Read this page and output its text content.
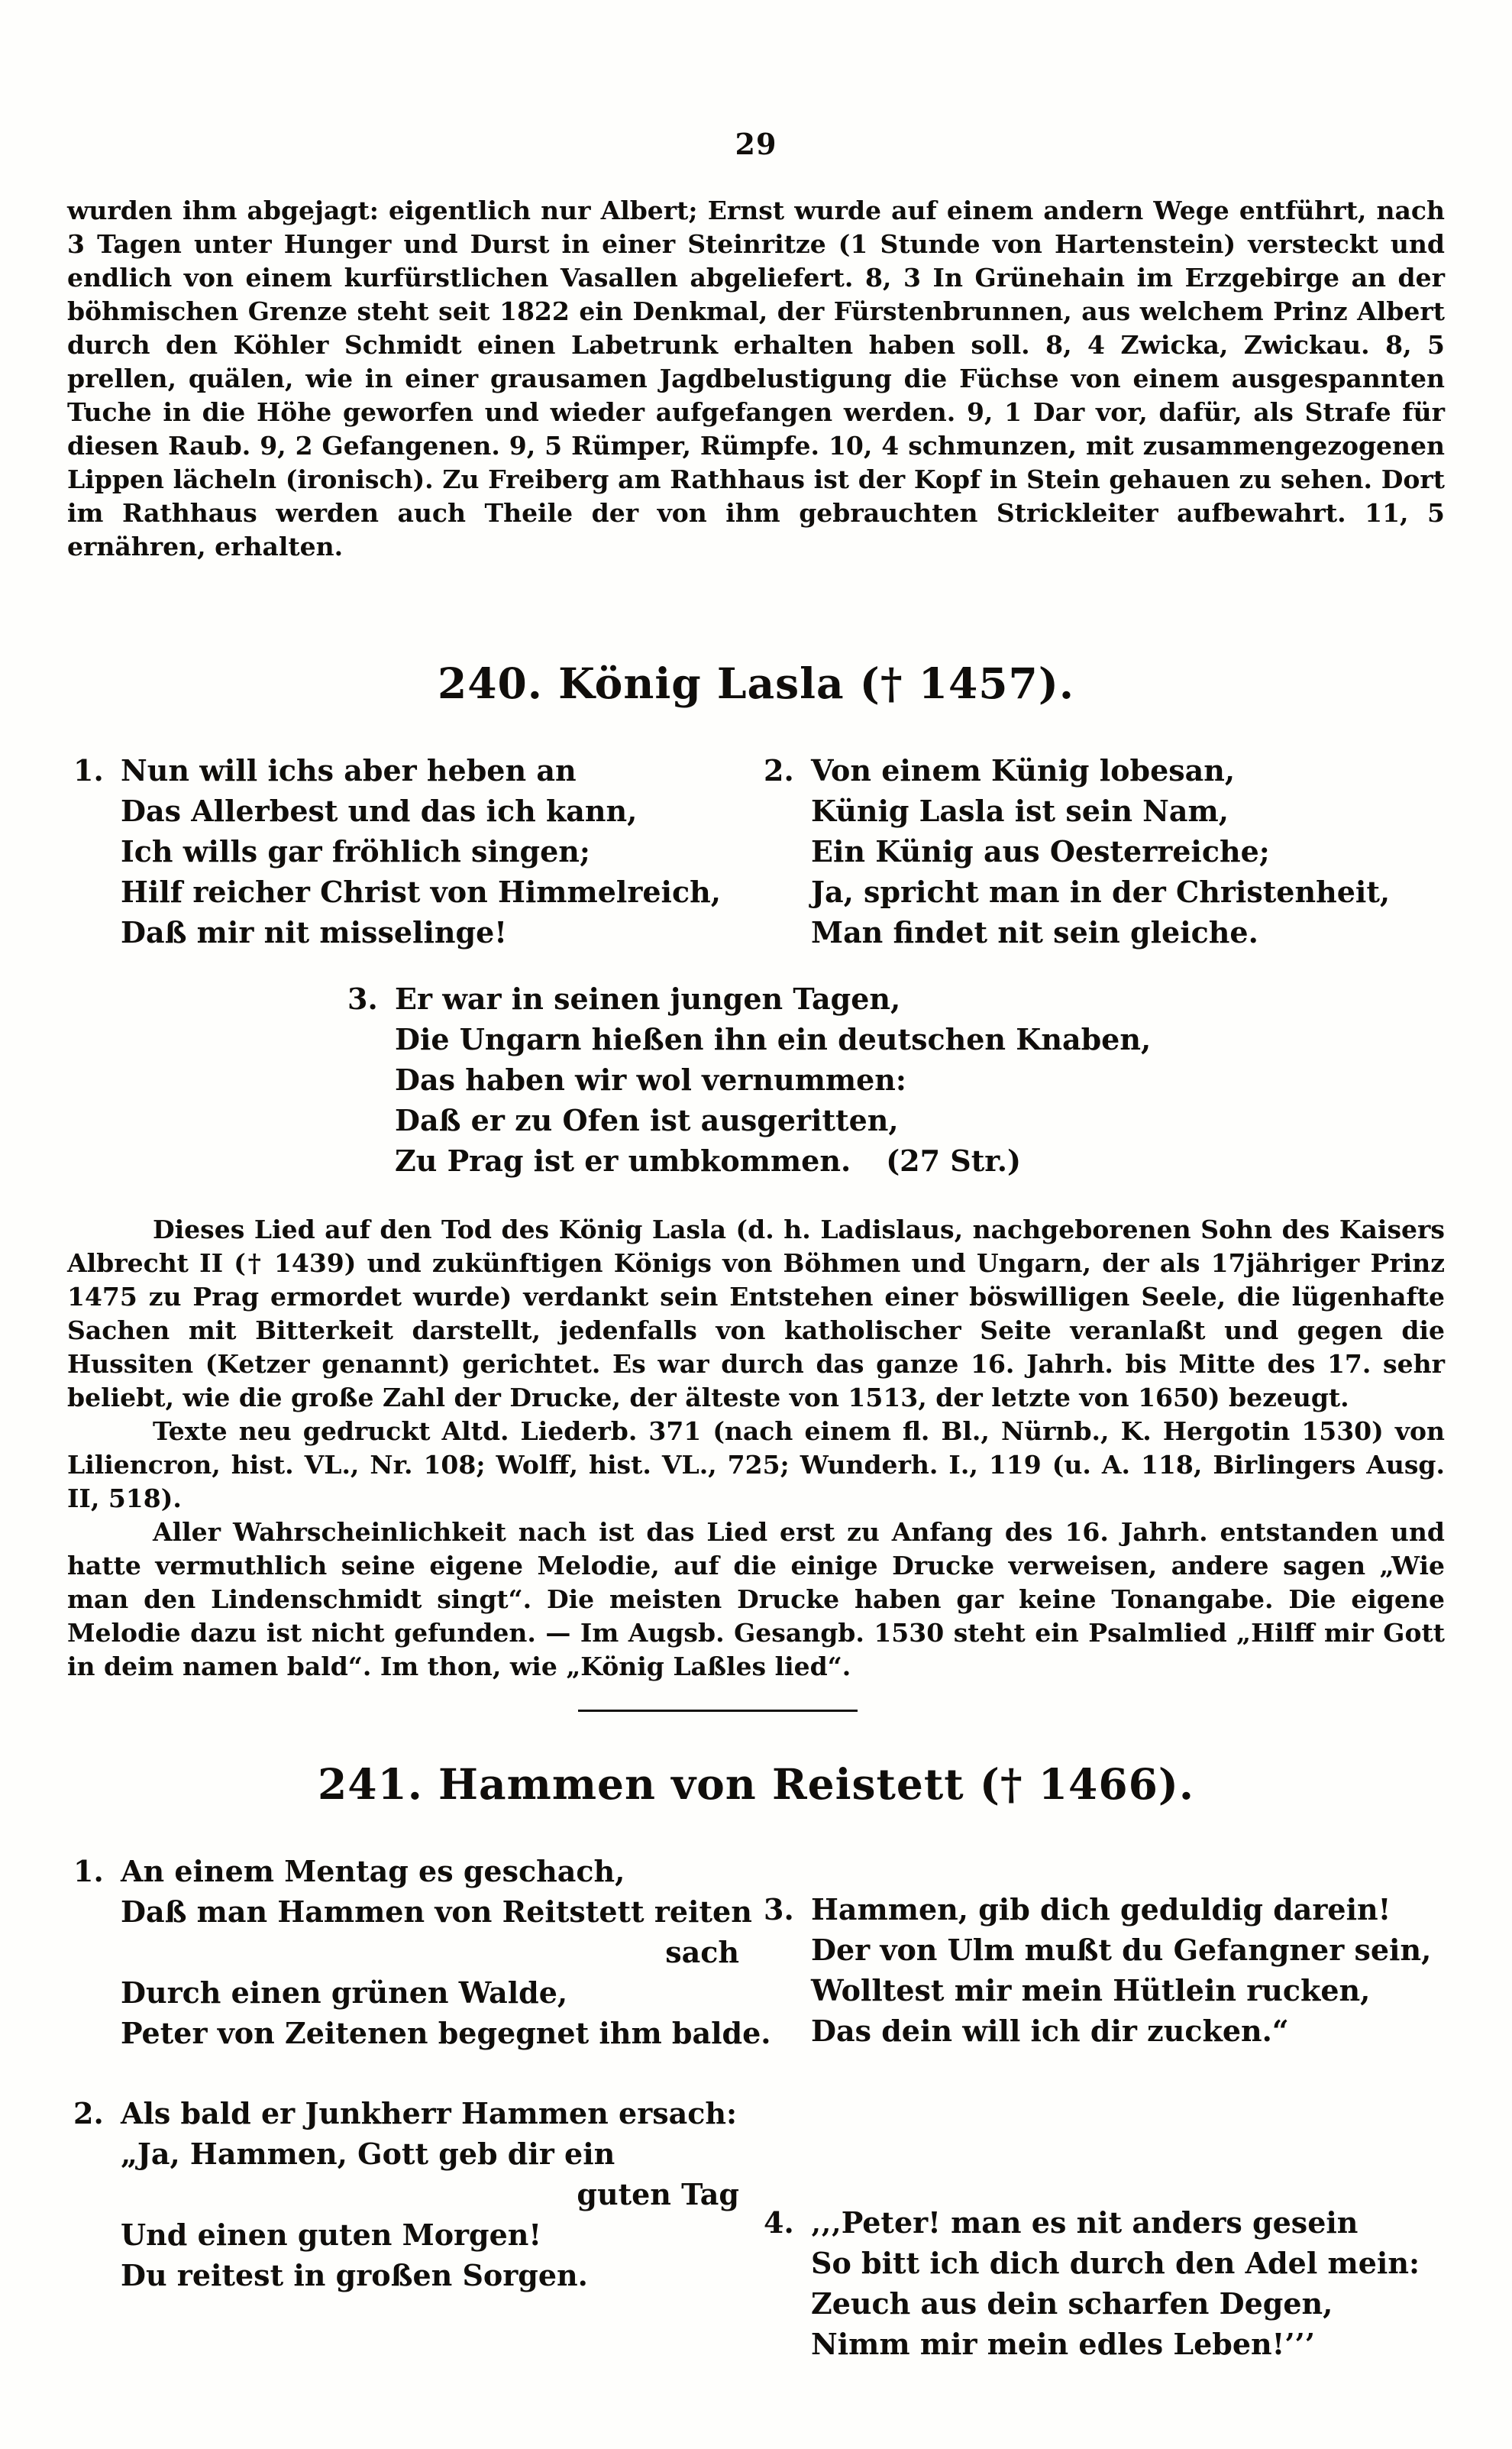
29

wurden ihm abgejagt: eigentlich nur Albert; Ernst wurde auf einem andern Wege entführt, nach 3 Tagen unter Hunger und Durst in einer Steinritze (1 Stunde von Hartenstein) versteckt und endlich von einem kurfürstlichen Vasallen abgeliefert. 8, 3 In Grünehain im Erzgebirge an der böhmischen Grenze steht seit 1822 ein Denkmal, der Fürstenbrunnen, aus welchem Prinz Albert durch den Köhler Schmidt einen Labetrunk erhalten haben soll. 8, 4 Zwicka, Zwickau. 8, 5 prellen, quälen, wie in einer grausamen Jagdbelustigung die Füchse von einem ausgespannten Tuche in die Höhe geworfen und wieder aufgefangen werden. 9, 1 Dar vor, dafür, als Strafe für diesen Raub. 9, 2 Gefangenen. 9, 5 Rümper, Rümpfe. 10, 4 schmunzen, mit zusammengezogenen Lippen lächeln (ironisch). Zu Freiberg am Rathhaus ist der Kopf in Stein gehauen zu sehen. Dort im Rathhaus werden auch Theile der von ihm gebrauchten Strickleiter aufbewahrt. 11, 5 ernähren, erhalten.

240. König Lasla († 1457).
1. Nun will ichs aber heben an
Das Allerbest und das ich kann,
Ich wills gar fröhlich singen;
Hilf reicher Christ von Himmelreich,
Daß mir nit misselinge!
2. Von einem Künig lobesan,
Künig Lasla ist sein Nam,
Ein Künig aus Oesterreiche;
Ja, spricht man in der Christenheit,
Man findet nit sein gleiche.
3. Er war in seinen jungen Tagen,
Die Ungarn hießen ihn ein deutschen Knaben,
Das haben wir wol vernummen:
Daß er zu Ofen ist ausgeritten,
Zu Prag ist er umbkommen. (27 Str.)

Dieses Lied auf den Tod des König Lasla (d. h. Ladislaus, nachgeborenen Sohn des Kaisers Albrecht II († 1439) und zukünftigen Königs von Böhmen und Ungarn, der als 17jähriger Prinz 1475 zu Prag ermordet wurde) verdankt sein Entstehen einer böswilligen Seele, die lügenhafte Sachen mit Bitterkeit darstellt, jedenfalls von katholischer Seite veranlaßt und gegen die Hussiten (Ketzer genannt) gerichtet. Es war durch das ganze 16. Jahrh. bis Mitte des 17. sehr beliebt, wie die große Zahl der Drucke, der älteste von 1513, der letzte von 1650) bezeugt.

Texte neu gedruckt Altd. Liederb. 371 (nach einem fl. Bl., Nürnb., K. Hergotin 1530) von Liliencron, hist. VL., Nr. 108; Wolff, hist. VL., 725; Wunderh. I., 119 (u. A. 118, Birlingers Ausg. II, 518).

Aller Wahrscheinlichkeit nach ist das Lied erst zu Anfang des 16. Jahrh. entstanden und hatte vermuthlich seine eigene Melodie, auf die einige Drucke verweisen, andere sagen „Wie man den Lindenschmidt singt“. Die meisten Drucke haben gar keine Tonangabe. Die eigene Melodie dazu ist nicht gefunden. — Im Augsb. Gesangb. 1530 steht ein Psalmlied „Hilff mir Gott in deim namen bald“. Im thon, wie „König Laßles lied“.

241. Hammen von Reistett († 1466).
1. An einem Mentag es geschach,
Daß man Hammen von Reitstett reiten
sach
Durch einen grünen Walde,
Peter von Zeitenen begegnet ihm balde.
2. Als bald er Junkherr Hammen ersach:
„Ja, Hammen, Gott geb dir ein
guten Tag
Und einen guten Morgen!
Du reitest in großen Sorgen.
3. Hammen, gib dich geduldig darein!
Der von Ulm mußt du Gefangner sein,
Wolltest mir mein Hütlein rucken,
Das dein will ich dir zucken.“
4. ‚‚‚Peter! man es nit anders gesein
So bitt ich dich durch den Adel mein:
Zeuch aus dein scharfen Degen,
Nimm mir mein edles Leben!’’’
